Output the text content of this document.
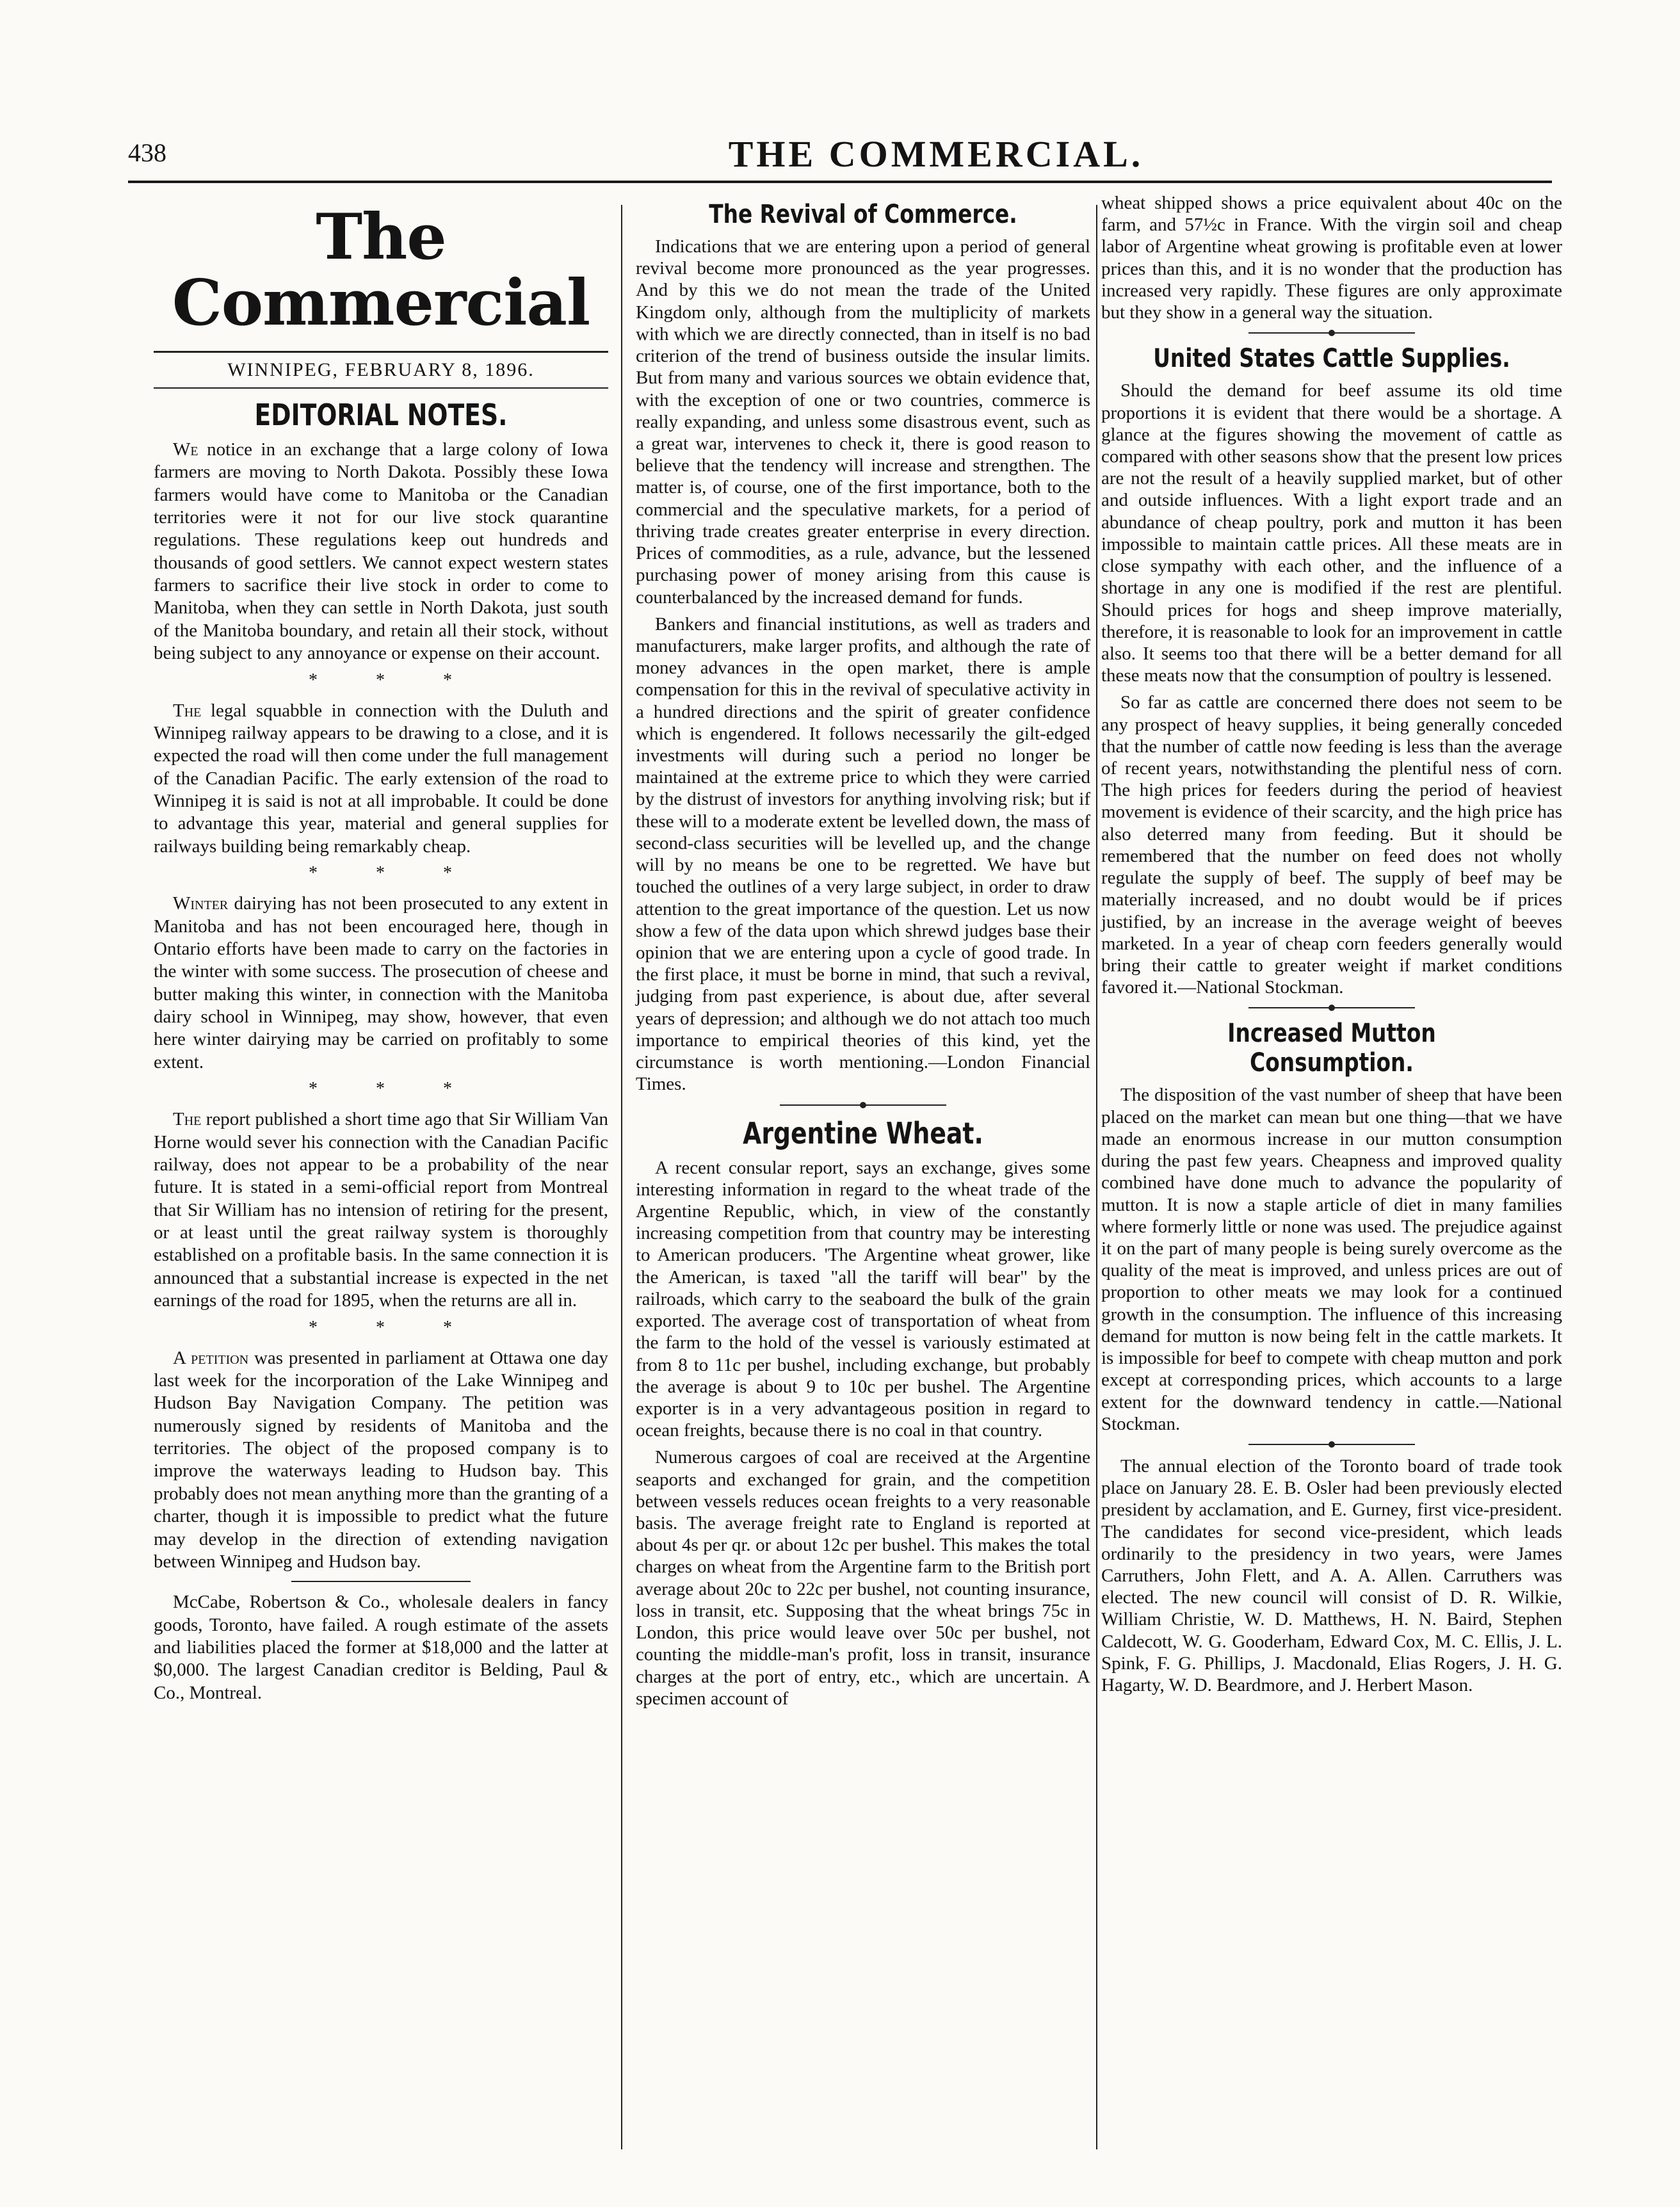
438	THE COMMERCIAL.
The Commercial
WINNIPEG, FEBRUARY 8, 1896.
EDITORIAL NOTES.

We notice in an exchange that a large colony of Iowa farmers are moving to North Dakota. Possibly these Iowa farmers would have come to Manitoba or the Canadian territories were it not for our live stock quarantine regulations. These regulations keep out hundreds and thousands of good settlers. We cannot expect western states farmers to sacrifice their live stock in order to come to Manitoba, when they can settle in North Dakota, just south of the Manitoba boundary, and retain all their stock, without being subject to any annoyance or expense on their account.

* * *

The legal squabble in connection with the Duluth and Winnipeg railway appears to be drawing to a close, and it is expected the road will then come under the full management of the Canadian Pacific. The early extension of the road to Winnipeg it is said is not at all improbable. It could be done to advantage this year, material and general supplies for railways building being remarkably cheap.

* * *

Winter dairying has not been prosecuted to any extent in Manitoba and has not been encouraged here, though in Ontario efforts have been made to carry on the factories in the winter with some success. The prosecution of cheese and butter making this winter, in connection with the Manitoba dairy school in Winnipeg, may show, however, that even here winter dairying may be carried on profitably to some extent.

* * *

The report published a short time ago that Sir William Van Horne would sever his connection with the Canadian Pacific railway, does not appear to be a probability of the near future. It is stated in a semi-official report from Montreal that Sir William has no intension of retiring for the present, or at least until the great railway system is thoroughly established on a profitable basis. In the same connection it is announced that a substantial increase is expected in the net earnings of the road for 1895, when the returns are all in.

* * *

A petition was presented in parliament at Ottawa one day last week for the incorporation of the Lake Winnipeg and Hudson Bay Navigation Company. The petition was numerously signed by residents of Manitoba and the territories. The object of the proposed company is to improve the waterways leading to Hudson bay. This probably does not mean anything more than the granting of a charter, though it is impossible to predict what the future may develop in the direction of extending navigation between Winnipeg and Hudson bay.

McCabe, Robertson & Co., wholesale dealers in fancy goods, Toronto, have failed. A rough estimate of the assets and liabilities placed the former at $18,000 and the latter at $0,000. The largest Canadian creditor is Belding, Paul & Co., Montreal.

The Revival of Commerce.

Indications that we are entering upon a period of general revival become more pronounced as the year progresses. And by this we do not mean the trade of the United Kingdom only, although from the multiplicity of markets with which we are directly connected, than in itself is no bad criterion of the trend of business outside the insular limits. But from many and various sources we obtain evidence that, with the exception of one or two countries, commerce is really expanding, and unless some disastrous event, such as a great war, intervenes to check it, there is good reason to believe that the tendency will increase and strengthen. The matter is, of course, one of the first importance, both to the commercial and the speculative markets, for a period of thriving trade creates greater enterprise in every direction. Prices of commodities, as a rule, advance, but the lessened purchasing power of money arising from this cause is counterbalanced by the increased demand for funds.

Bankers and financial institutions, as well as traders and manufacturers, make larger profits, and although the rate of money advances in the open market, there is ample compensation for this in the revival of speculative activity in a hundred directions and the spirit of greater confidence which is engendered. It follows necessarily the gilt-edged investments will during such a period no longer be maintained at the extreme price to which they were carried by the distrust of investors for anything involving risk; but if these will to a moderate extent be levelled down, the mass of second-class securities will be levelled up, and the change will by no means be one to be regretted. We have but touched the outlines of a very large subject, in order to draw attention to the great importance of the question. Let us now show a few of the data upon which shrewd judges base their opinion that we are entering upon a cycle of good trade. In the first place, it must be borne in mind, that such a revival, judging from past experience, is about due, after several years of depression; and although we do not attach too much importance to empirical theories of this kind, yet the circumstance is worth mentioning.—London Financial Times.

Argentine Wheat.

A recent consular report, says an exchange, gives some interesting information in regard to the wheat trade of the Argentine Republic, which, in view of the constantly increasing competition from that country may be interesting to American producers. 'The Argentine wheat grower, like the American, is taxed "all the tariff will bear" by the railroads, which carry to the seaboard the bulk of the grain exported. The average cost of transportation of wheat from the farm to the hold of the vessel is variously estimated at from 8 to 11c per bushel, including exchange, but probably the average is about 9 to 10c per bushel. The Argentine exporter is in a very advantageous position in regard to ocean freights, because there is no coal in that country.

Numerous cargoes of coal are received at the Argentine seaports and exchanged for grain, and the competition between vessels reduces ocean freights to a very reasonable basis. The average freight rate to England is reported at about 4s per qr. or about 12c per bushel. This makes the total charges on wheat from the Argentine farm to the British port average about 20c to 22c per bushel, not counting insurance, loss in transit, etc. Supposing that the wheat brings 75c in London, this price would leave over 50c per bushel, not counting the middle-man's profit, loss in transit, insurance charges at the port of entry, etc., which are uncertain. A specimen account of

wheat shipped shows a price equivalent about 40c on the farm, and 57½c in France. With the virgin soil and cheap labor of Argentine wheat growing is profitable even at lower prices than this, and it is no wonder that the production has increased very rapidly. These figures are only approximate but they show in a general way the situation.

United States Cattle Supplies.

Should the demand for beef assume its old time proportions it is evident that there would be a shortage. A glance at the figures showing the movement of cattle as compared with other seasons show that the present low prices are not the result of a heavily supplied market, but of other and outside influences. With a light export trade and an abundance of cheap poultry, pork and mutton it has been impossible to maintain cattle prices. All these meats are in close sympathy with each other, and the influence of a shortage in any one is modified if the rest are plentiful. Should prices for hogs and sheep improve materially, therefore, it is reasonable to look for an improvement in cattle also. It seems too that there will be a better demand for all these meats now that the consumption of poultry is lessened.

So far as cattle are concerned there does not seem to be any prospect of heavy supplies, it being generally conceded that the number of cattle now feeding is less than the average of recent years, notwithstanding the plentiful ness of corn. The high prices for feeders during the period of heaviest movement is evidence of their scarcity, and the high price has also deterred many from feeding. But it should be remembered that the number on feed does not wholly regulate the supply of beef. The supply of beef may be materially increased, and no doubt would be if prices justified, by an increase in the average weight of beeves marketed. In a year of cheap corn feeders generally would bring their cattle to greater weight if market conditions favored it.—National Stockman.

Increased Mutton Consumption.

The disposition of the vast number of sheep that have been placed on the market can mean but one thing—that we have made an enormous increase in our mutton consumption during the past few years. Cheapness and improved quality combined have done much to advance the popularity of mutton. It is now a staple article of diet in many families where formerly little or none was used. The prejudice against it on the part of many people is being surely overcome as the quality of the meat is improved, and unless prices are out of proportion to other meats we may look for a continued growth in the consumption. The influence of this increasing demand for mutton is now being felt in the cattle markets. It is impossible for beef to compete with cheap mutton and pork except at corresponding prices, which accounts to a large extent for the downward tendency in cattle.—National Stockman.

The annual election of the Toronto board of trade took place on January 28. E. B. Osler had been previously elected president by acclamation, and E. Gurney, first vice-president. The candidates for second vice-president, which leads ordinarily to the presidency in two years, were James Carruthers, John Flett, and A. A. Allen. Carruthers was elected. The new council will consist of D. R. Wilkie, William Christie, W. D. Matthews, H. N. Baird, Stephen Caldecott, W. G. Gooderham, Edward Cox, M. C. Ellis, J. L. Spink, F. G. Phillips, J. Macdonald, Elias Rogers, J. H. G. Hagarty, W. D. Beardmore, and J. Herbert Mason.
